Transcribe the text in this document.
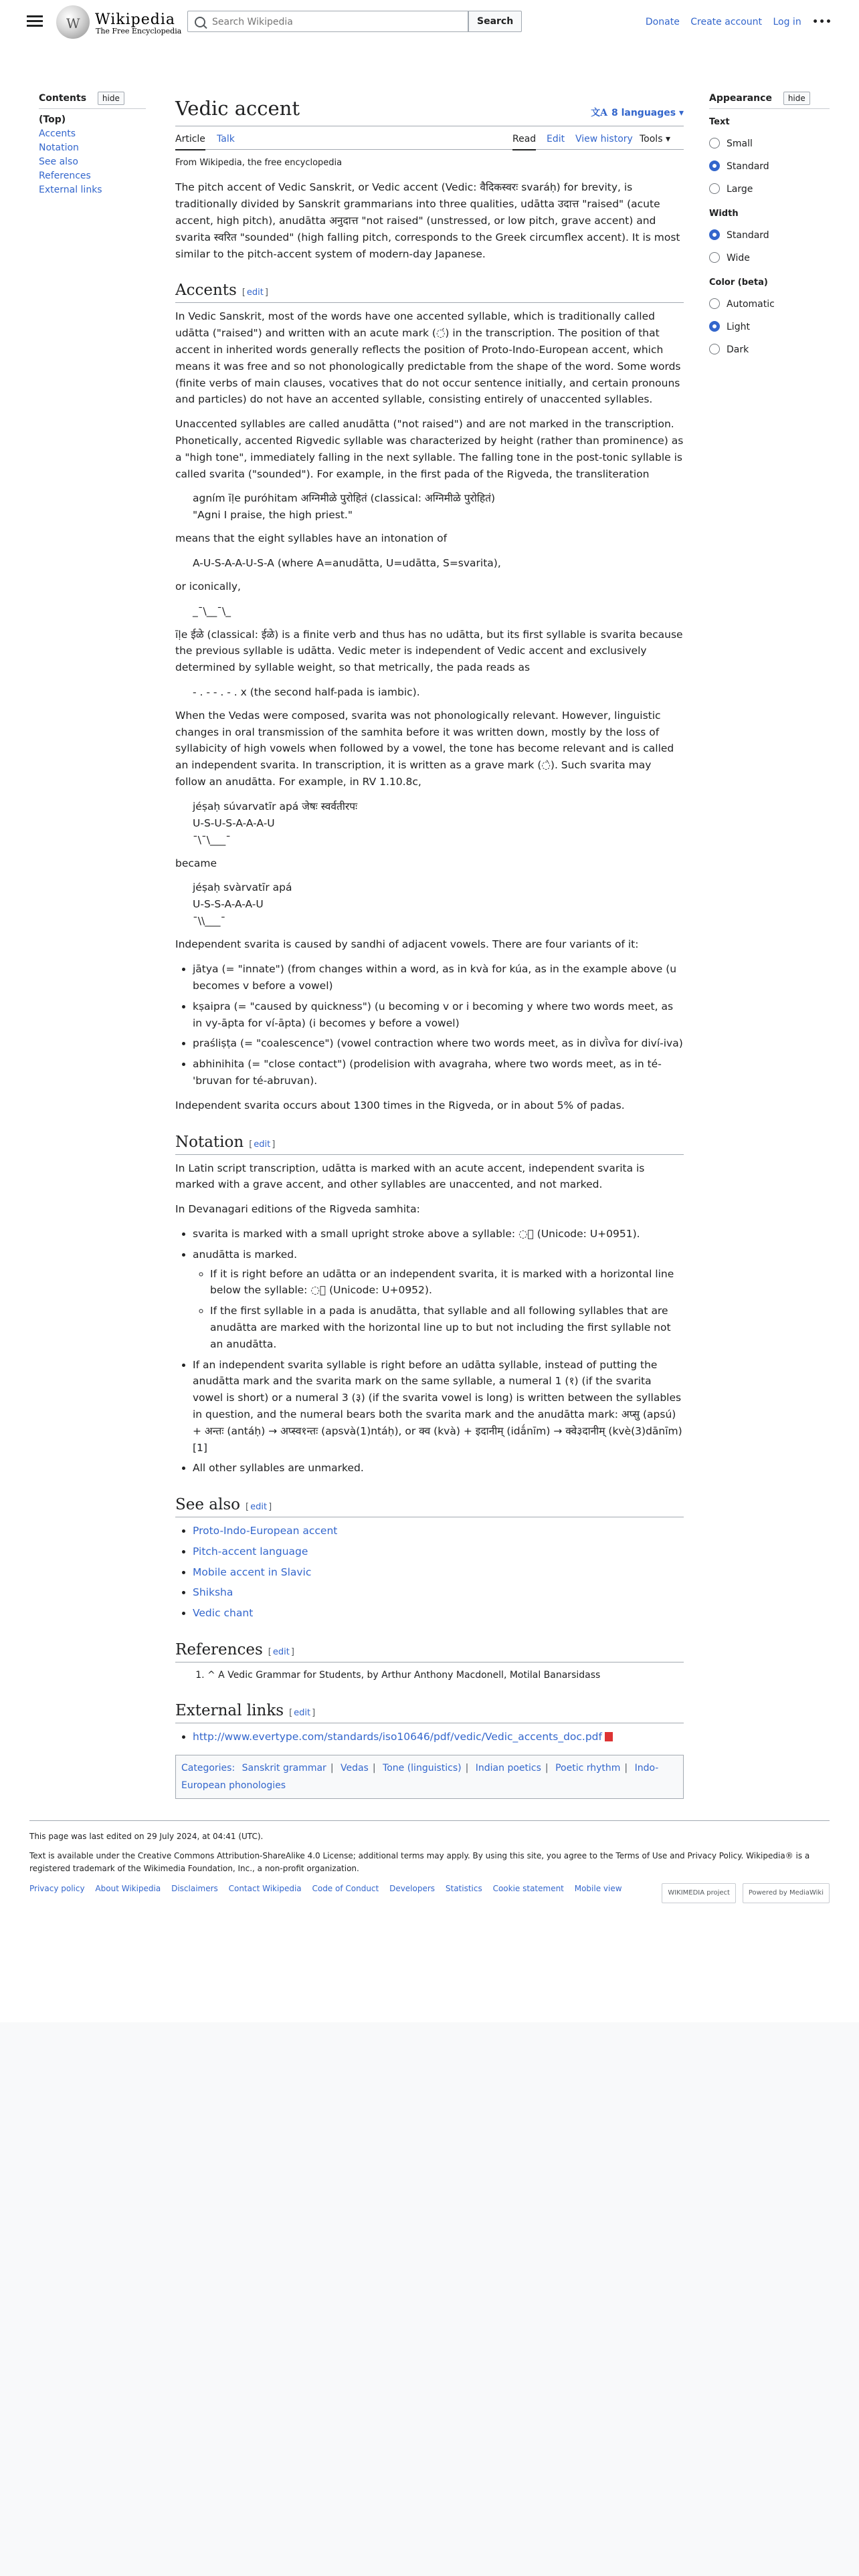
W
Wikipedia
The Free Encyclopedia
Search Wikipedia
Search	Donate Create account Log in •••
Contents hide
(Top)
Accents
Notation
See also
References
External links
Vedic accent	文A 8 languages ▾
Article Talk	Read Edit View history Tools ▾
From Wikipedia, the free encyclopedia

The pitch accent of Vedic Sanskrit, or Vedic accent (Vedic: वैदिकस्वरः svaráḥ) for brevity, is traditionally divided by Sanskrit grammarians into three qualities, udātta उदात्त "raised" (acute accent, high pitch), anudātta अनुदात्त "not raised" (unstressed, or low pitch, grave accent) and svarita स्वरित "sounded" (high falling pitch, corresponds to the Greek circumflex accent). It is most similar to the pitch-accent system of modern-day Japanese.

Accents [ edit ]

In Vedic Sanskrit, most of the words have one accented syllable, which is traditionally called udātta ("raised") and written with an acute mark (◌́) in the transcription. The position of that accent in inherited words generally reflects the position of Proto-Indo-European accent, which means it was free and so not phonologically predictable from the shape of the word. Some words (finite verbs of main clauses, vocatives that do not occur sentence initially, and certain pronouns and particles) do not have an accented syllable, consisting entirely of unaccented syllables.

Unaccented syllables are called anudātta ("not raised") and are not marked in the transcription. Phonetically, accented Rigvedic syllable was characterized by height (rather than prominence) as a "high tone", immediately falling in the next syllable. The falling tone in the post-tonic syllable is called svarita ("sounded"). For example, in the first pada of the Rigveda, the transliteration

agním īḷe puróhitam अग्निमीळे पुरोहितं (classical: अग्निमीळे पुरोहितं)
"Agni I praise, the high priest."

means that the eight syllables have an intonation of

A-U-S-A-A-U-S-A (where A=anudātta, U=udātta, S=svarita),

or iconically,

_¯\__¯\_

īḷe ईळे (classical: ईळे) is a finite verb and thus has no udātta, but its first syllable is svarita because the previous syllable is udātta. Vedic meter is independent of Vedic accent and exclusively determined by syllable weight, so that metrically, the pada reads as

- . - - . - . x (the second half-pada is iambic).

When the Vedas were composed, svarita was not phonologically relevant. However, linguistic changes in oral transmission of the samhita before it was written down, mostly by the loss of syllabicity of high vowels when followed by a vowel, the tone has become relevant and is called an independent svarita. In transcription, it is written as a grave mark (◌̀). Such svarita may follow an anudātta. For example, in RV 1.10.8c,

jéṣaḥ súvarvatīr apá जेषः स्वर्वतीरपः
U-S-U-S-A-A-A-U
¯\¯\___¯

became

jéṣaḥ svàrvatīr apá
U-S-S-A-A-A-U
¯\\___¯

Independent svarita is caused by sandhi of adjacent vowels. There are four variants of it:

• jātya (= "innate") (from changes within a word, as in kvà for kúa, as in the example above (u becomes v before a vowel)
• kṣaipra (= "caused by quickness") (u becoming v or i becoming y where two words meet, as in vy-āpta for ví-āpta) (i becomes y before a vowel)
• praśliṣṭa (= "coalescence") (vowel contraction where two words meet, as in divī̀va for diví-iva)
• abhinihita (= "close contact") (prodelision with avagraha, where two words meet, as in té-'bruvan for té-abruvan).

Independent svarita occurs about 1300 times in the Rigveda, or in about 5% of padas.

Notation [ edit ]

In Latin script transcription, udātta is marked with an acute accent, independent svarita is marked with a grave accent, and other syllables are unaccented, and not marked.

In Devanagari editions of the Rigveda samhita:

• svarita is marked with a small upright stroke above a syllable: ◌॑ (Unicode: U+0951).
• anudātta is marked.
◦ If it is right before an udātta or an independent svarita, it is marked with a horizontal line below the syllable: ◌॒ (Unicode: U+0952).
◦ If the first syllable in a pada is anudātta, that syllable and all following syllables that are anudātta are marked with the horizontal line up to but not including the first syllable not an anudātta.
• If an independent svarita syllable is right before an udātta syllable, instead of putting the anudātta mark and the svarita mark on the same syllable, a numeral 1 (१) (if the svarita vowel is short) or a numeral 3 (३) (if the svarita vowel is long) is written between the syllables in question, and the numeral bears both the svarita mark and the anudātta mark: अप्सु (apsú) + अन्तः (antáḥ) → अप्स्व१न्तः (apsvà(1)ntáḥ), or क्व (kvà) + इदानीम् (idā́nīm) → क्वे३दानीम् (kvè(3)dānīm) [1]
• All other syllables are unmarked.
See also [ edit ]
• Proto-Indo-European accent
• Pitch-accent language
• Mobile accent in Slavic
• Shiksha
• Vedic chant
References [ edit ]
1. ^ A Vedic Grammar for Students, by Arthur Anthony Macdonell, Motilal Banarsidass
External links [ edit ]
• http://www.evertype.com/standards/iso10646/pdf/vedic/Vedic_accents_doc.pdf
Categories: Sanskrit grammar | Vedas | Tone (linguistics) | Indian poetics | Poetic rhythm | Indo-European phonologies
Appearance hide
Text
Small
Standard
Large
Width
Standard
Wide
Color (beta)
Automatic
Light
Dark

This page was last edited on 29 July 2024, at 04:41 (UTC).

Text is available under the Creative Commons Attribution-ShareAlike 4.0 License; additional terms may apply. By using this site, you agree to the Terms of Use and Privacy Policy. Wikipedia® is a registered trademark of the Wikimedia Foundation, Inc., a non-profit organization.

Privacy policy About Wikipedia Disclaimers Contact Wikipedia Code of Conduct Developers Statistics Cookie statement Mobile view	WIKIMEDIA project	Powered by MediaWiki
